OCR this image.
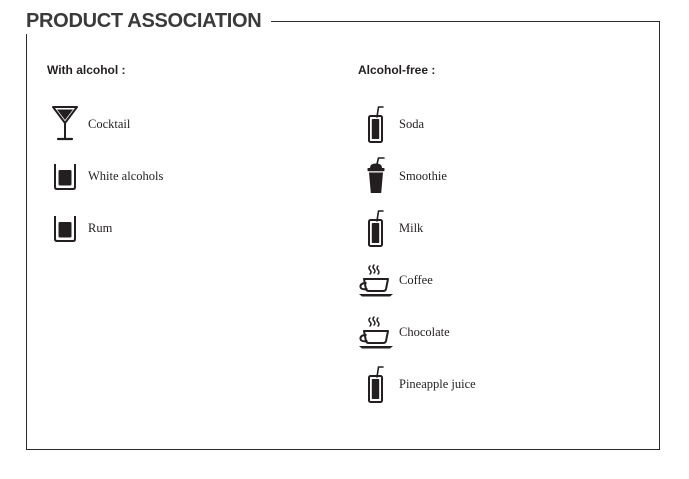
PRODUCT ASSOCIATION
With alcohol :
Cocktail
White alcohols
Rum
Alcohol-free :
Soda
Smoothie
Milk
Coffee
Chocolate
Pineapple juice
